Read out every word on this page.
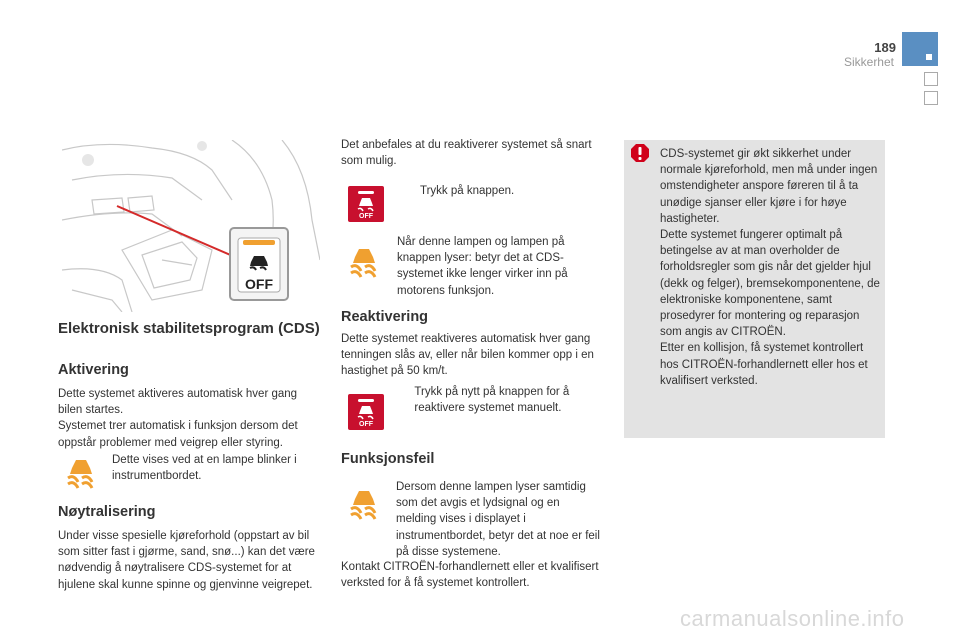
189
Sikkerhet
OFF
Elektronisk stabilitetsprogram (CDS)
Aktivering

Dette systemet aktiveres automatisk hver gang bilen startes.

Systemet trer automatisk i funksjon dersom det oppstår problemer med veigrep eller styring.

Dette vises ved at en lampe blinker i instrumentbordet.

Nøytralisering

Under visse spesielle kjøreforhold (oppstart av bil som sitter fast i gjørme, sand, snø...) kan det være nødvendig å nøytralisere CDS-systemet for at hjulene skal kunne spinne og gjenvinne veigrepet.

Det anbefales at du reaktiverer systemet så snart som mulig.

OFF

Trykk på knappen.

Når denne lampen og lampen på knappen lyser: betyr det at CDS-systemet ikke lenger virker inn på motorens funksjon.

Reaktivering

Dette systemet reaktiveres automatisk hver gang tenningen slås av, eller når bilen kommer opp i en hastighet på 50 km/t.

OFF

Trykk på nytt på knappen for å reaktivere systemet manuelt.

Funksjonsfeil

Dersom denne lampen lyser samtidig som det avgis et lydsignal og en melding vises i displayet i instrumentbordet, betyr det at noe er feil på disse systemene.

Kontakt CITROËN-forhandlernett eller et kvalifisert verksted for å få systemet kontrollert.

CDS-systemet gir økt sikkerhet under normale kjøreforhold, men må under ingen omstendigheter anspore føreren til å ta unødige sjanser eller kjøre i for høye hastigheter.

Dette systemet fungerer optimalt på betingelse av at man overholder de forholdsregler som gis når det gjelder hjul (dekk og felger), bremsekomponentene, de elektroniske komponentene, samt prosedyrer for montering og reparasjon som angis av CITROËN.

Etter en kollisjon, få systemet kontrollert hos CITROËN-forhandlernett eller hos et kvalifisert verksted.

carmanualsonline.info
